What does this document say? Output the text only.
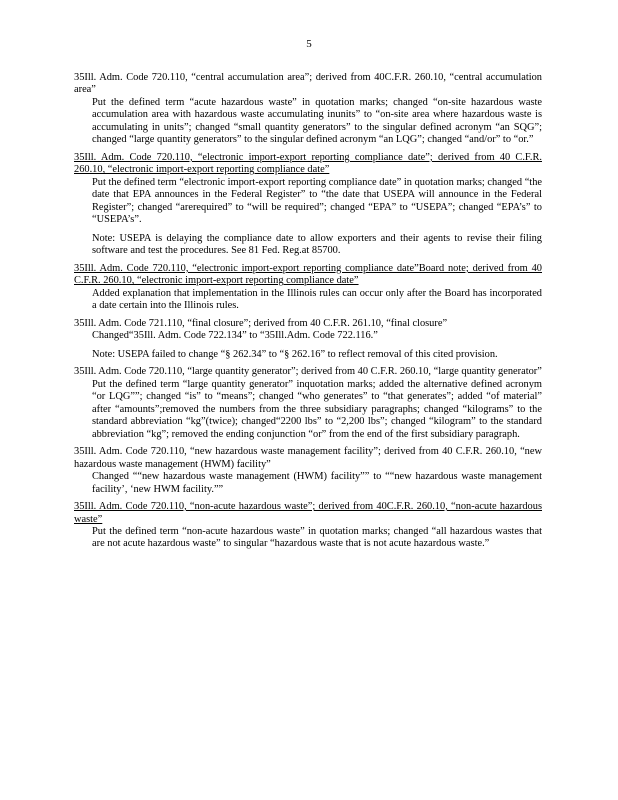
5
35Ill. Adm. Code 720.110, “central accumulation area”; derived from 40C.F.R. 260.10, “central accumulation area”
Put the defined term “acute hazardous waste” in quotation marks; changed “on-site hazardous waste accumulation area with hazardous waste accumulating inunits” to “on-site area where hazardous waste is accumulating in units”; changed “small quantity generators” to the singular defined acronym “an SQG”; changed “large quantity generators” to the singular defined acronym “an LQG”; changed “and/or” to “or.”
35Ill. Adm. Code 720.110, “electronic import-export reporting compliance date”; derived from 40 C.F.R. 260.10, “electronic import-export reporting compliance date”
Put the defined term “electronic import-export reporting compliance date” in quotation marks; changed “the date that EPA announces in the Federal Register” to “the date that USEPA will announce in the Federal Register”; changed “arerequired” to “will be required”; changed “EPA” to “USEPA”; changed “EPA’s” to “USEPA’s”.
Note: USEPA is delaying the compliance date to allow exporters and their agents to revise their filing software and test the procedures. See 81 Fed. Reg.at 85700.
35Ill. Adm. Code 720.110, “electronic import-export reporting compliance date”Board note; derived from 40 C.F.R. 260.10, “electronic import-export reporting compliance date”
Added explanation that implementation in the Illinois rules can occur only after the Board has incorporated a date certain into the Illinois rules.
35Ill. Adm. Code 721.110, “final closure”; derived from 40 C.F.R. 261.10, “final closure”
Changed“35Ill. Adm. Code 722.134” to “35Ill.Adm. Code 722.116.”
Note: USEPA failed to change “§ 262.34” to “§ 262.16” to reflect removal of this cited provision.
35Ill. Adm. Code 720.110, “large quantity generator”; derived from 40 C.F.R. 260.10, “large quantity generator”
Put the defined term “large quantity generator” inquotation marks; added the alternative defined acronym “or LQG””; changed “is” to “means”; changed “who generates” to “that generates”; added “of material” after “amounts”;removed the numbers from the three subsidiary paragraphs; changed “kilograms” to the standard abbreviation “kg”(twice); changed“2200 lbs” to “2,200 lbs”; changed “kilogram” to the standard abbreviation “kg”; removed the ending conjunction “or” from the end of the first subsidiary paragraph.
35Ill. Adm. Code 720.110, “new hazardous waste management facility”; derived from 40 C.F.R. 260.10, “new hazardous waste management (HWM) facility”
Changed ““new hazardous waste management (HWM) facility”” to ““new hazardous waste management facility’, ‘new HWM facility.””
35Ill. Adm. Code 720.110, “non-acute hazardous waste”; derived from 40C.F.R. 260.10, “non-acute hazardous waste”
Put the defined term “non-acute hazardous waste” in quotation marks; changed “all hazardous wastes that are not acute hazardous waste” to singular “hazardous waste that is not acute hazardous waste.”
